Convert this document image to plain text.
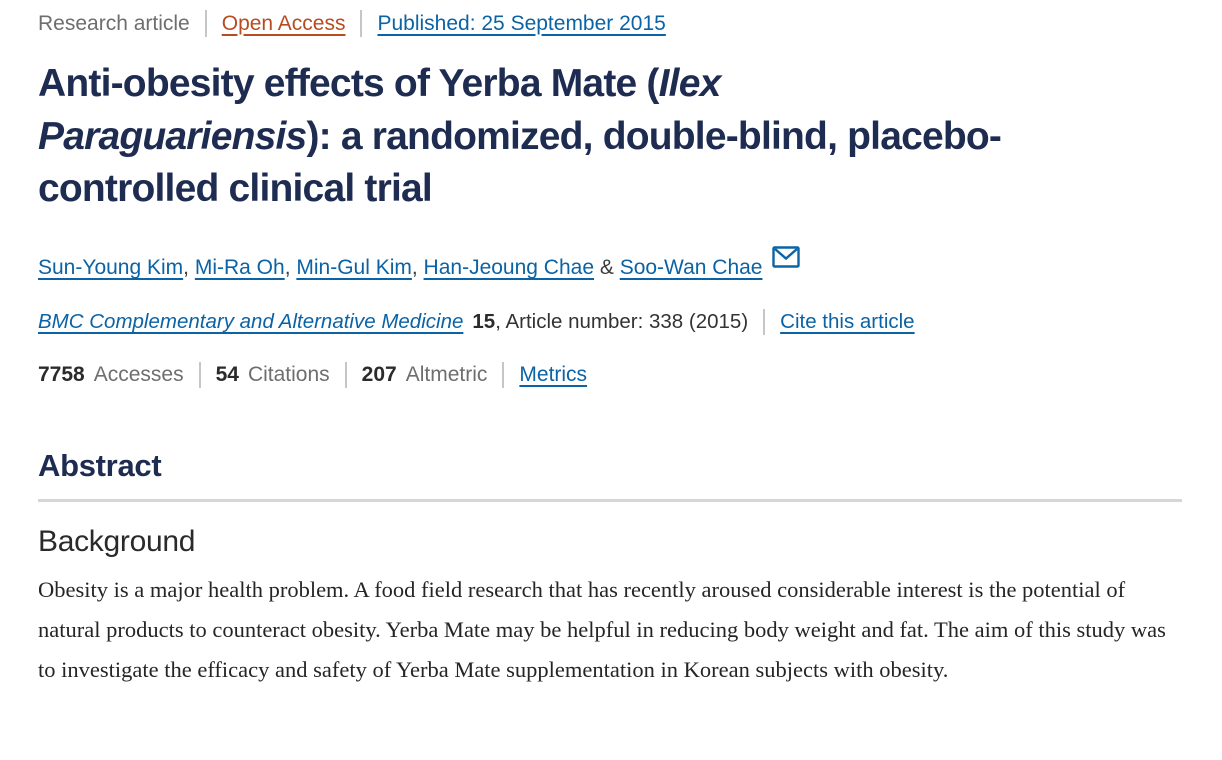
Research article Open Access Published: 25 September 2015
Anti-obesity effects of Yerba Mate (Ilex
Paraguariensis): a randomized, double-blind, placebo-
controlled clinical trial
Sun-Young Kim, Mi-Ra Oh, Min-Gul Kim, Han-Jeoung Chae & Soo-Wan Chae
BMC Complementary and Alternative Medicine 15 , Article number: 338 (2015) Cite this article
7758 Accesses 54 Citations 207 Altmetric Metrics
Abstract
Background

Obesity is a major health problem. A food field research that has recently aroused considerable interest is the potential of natural products to counteract obesity. Yerba Mate may be helpful in reducing body weight and fat. The aim of this study was to investigate the efficacy and safety of Yerba Mate supplementation in Korean subjects with obesity.
